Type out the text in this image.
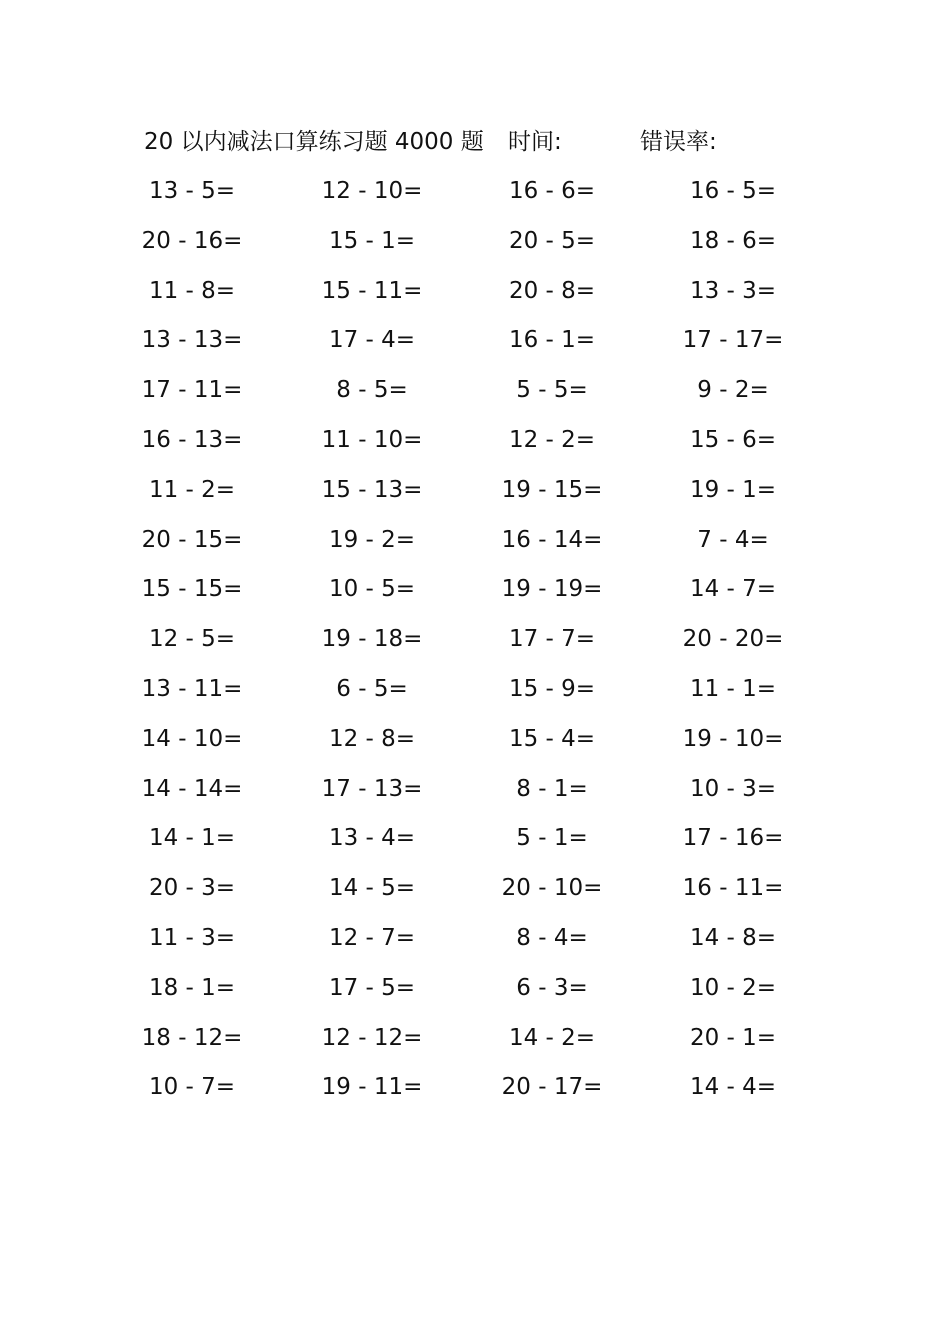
20 以内减法口算练习题 4000 题 时间:	错误率:
13 - 5=	12 - 10=	16 - 6=	16 - 5=
20 - 16=	15 - 1=	20 - 5=	18 - 6=
11 - 8=	15 - 11=	20 - 8=	13 - 3=
13 - 13=	17 - 4=	16 - 1=	17 - 17=
17 - 11=	8 - 5=	5 - 5=	9 - 2=
16 - 13=	11 - 10=	12 - 2=	15 - 6=
11 - 2=	15 - 13=	19 - 15=	19 - 1=
20 - 15=	19 - 2=	16 - 14=	7 - 4=
15 - 15=	10 - 5=	19 - 19=	14 - 7=
12 - 5=	19 - 18=	17 - 7=	20 - 20=
13 - 11=	6 - 5=	15 - 9=	11 - 1=
14 - 10=	12 - 8=	15 - 4=	19 - 10=
14 - 14=	17 - 13=	8 - 1=	10 - 3=
14 - 1=	13 - 4=	5 - 1=	17 - 16=
20 - 3=	14 - 5=	20 - 10=	16 - 11=
11 - 3=	12 - 7=	8 - 4=	14 - 8=
18 - 1=	17 - 5=	6 - 3=	10 - 2=
18 - 12=	12 - 12=	14 - 2=	20 - 1=
10 - 7=	19 - 11=	20 - 17=	14 - 4=
